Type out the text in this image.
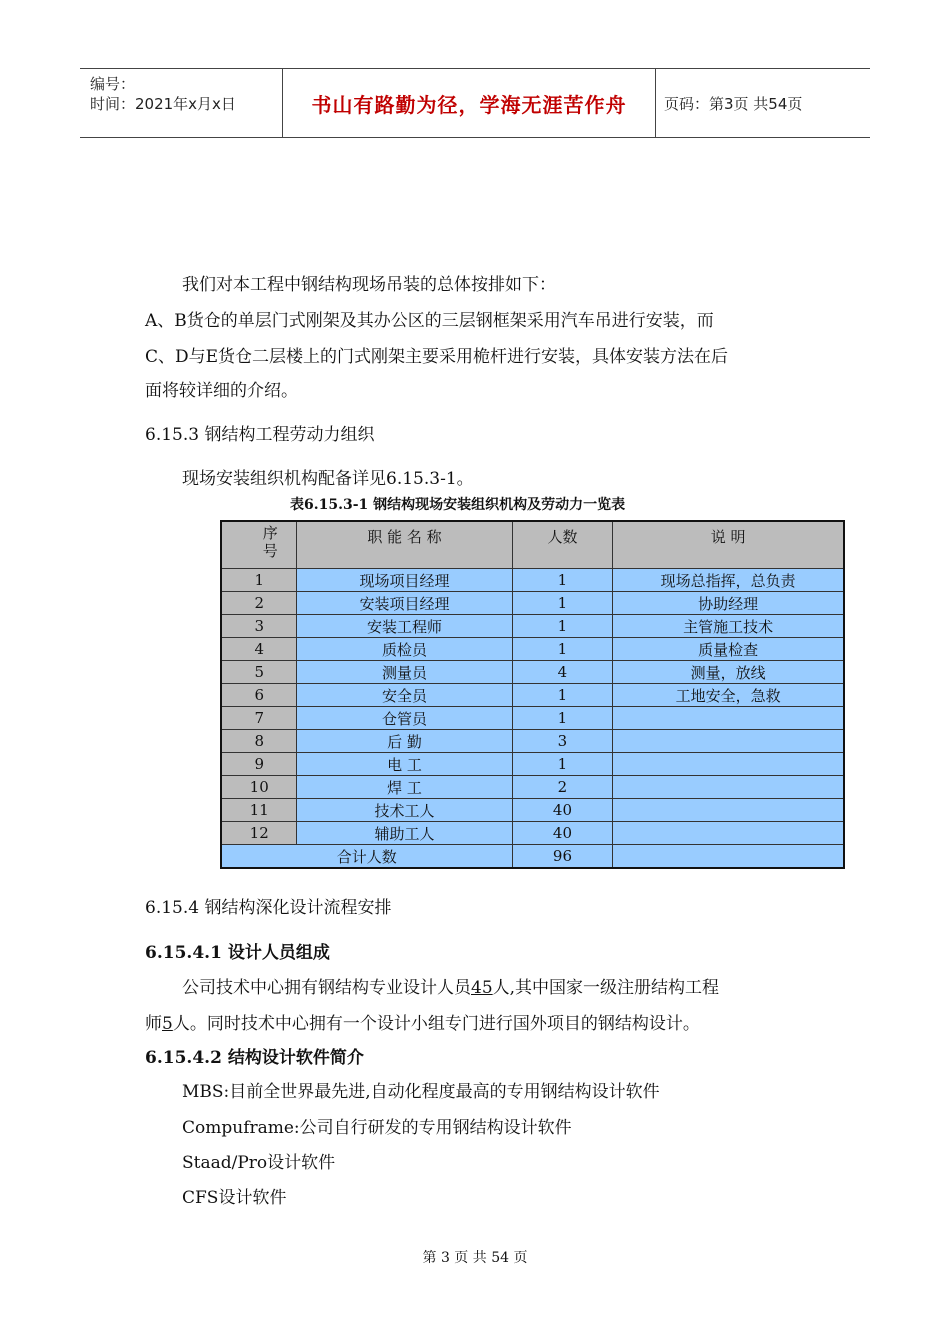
编号：
时间：2021年x月x日	书山有路勤为径，学海无涯苦作舟	页码：第3页 共54页
我们对本工程中钢结构现场吊装的总体按排如下：
A、B货仓的单层门式刚架及其办公区的三层钢框架采用汽车吊进行安装，而
C、D与E货仓二层楼上的门式刚架主要采用桅杆进行安装，具体安装方法在后
面将较详细的介绍。
6.15.3 钢结构工程劳动力组织
现场安装组织机构配备详见6.15.3-1。
表6.15.3-1 钢结构现场安装组织机构及劳动力一览表
序号	职 能 名 称	人数	说 明
1	现场项目经理	1	现场总指挥，总负责
2	安装项目经理	1	协助经理
3	安装工程师	1	主管施工技术
4	质检员	1	质量检查
5	测量员	4	测量，放线
6	安全员	1	工地安全，急救
7	仓管员	1	
8	后 勤	3	
9	电 工	1	
10	焊 工	2	
11	技术工人	40	
12	辅助工人	40	
合计人数		96	
6.15.4 钢结构深化设计流程安排
6.15.4.1 设计人员组成
公司技术中心拥有钢结构专业设计人员45人,其中国家一级注册结构工程
师5人。同时技术中心拥有一个设计小组专门进行国外项目的钢结构设计。
6.15.4.2 结构设计软件简介
MBS:目前全世界最先进,自动化程度最高的专用钢结构设计软件
Compuframe:公司自行研发的专用钢结构设计软件
Staad/Pro设计软件
CFS设计软件
第 3 页 共 54 页
